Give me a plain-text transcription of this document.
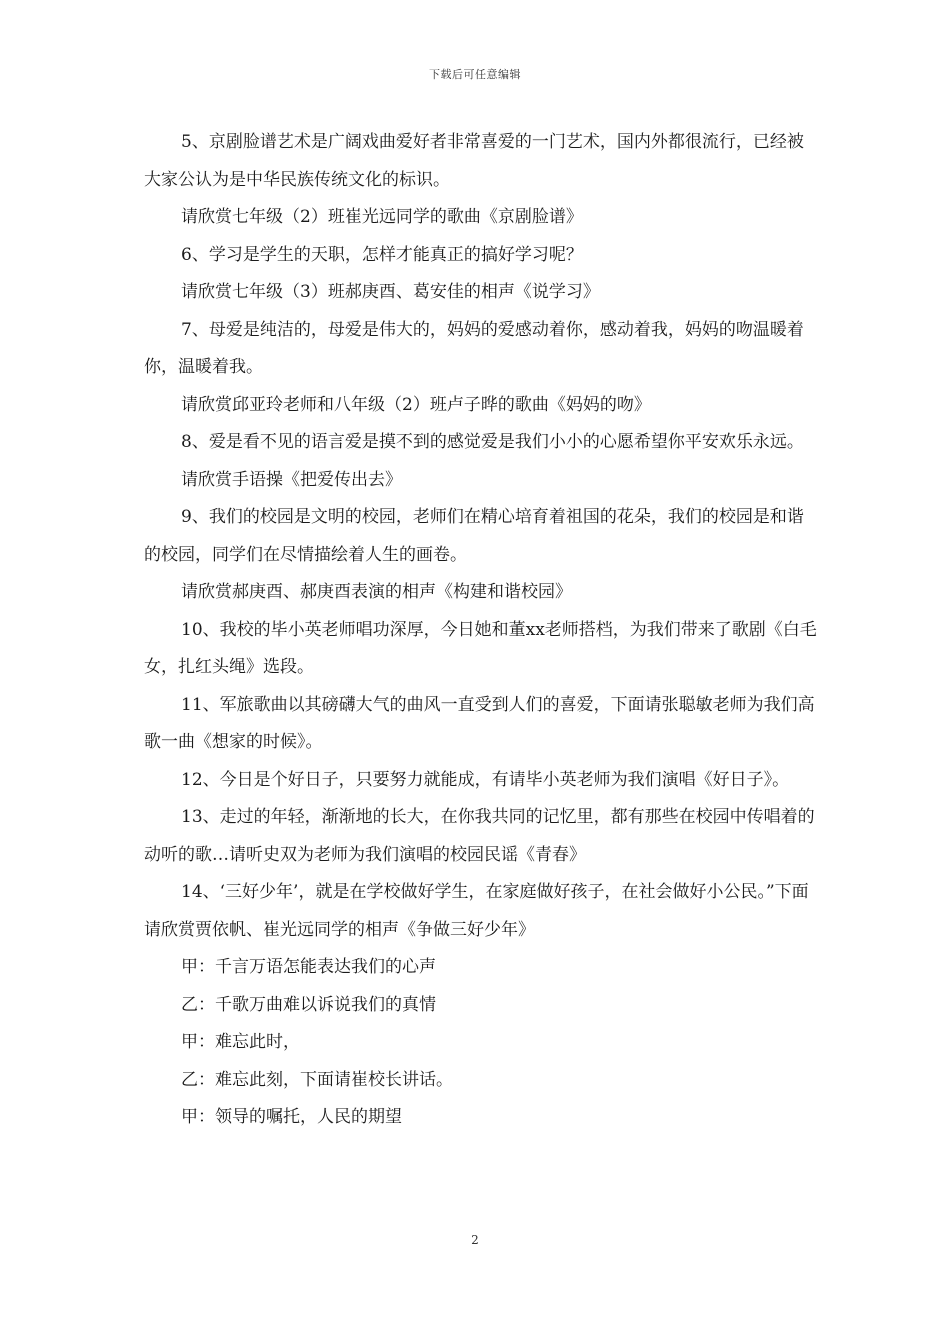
下载后可任意编辑

5、京剧脸谱艺术是广阔戏曲爱好者非常喜爱的一门艺术，国内外都很流行，已经被大家公认为是中华民族传统文化的标识。

请欣赏七年级（2）班崔光远同学的歌曲《京剧脸谱》

6、学习是学生的天职，怎样才能真正的搞好学习呢？

请欣赏七年级（3）班郝庚酉、葛安佳的相声《说学习》

7、母爱是纯洁的，母爱是伟大的，妈妈的爱感动着你，感动着我，妈妈的吻温暖着你，温暖着我。

请欣赏邱亚玲老师和八年级（2）班卢子晔的歌曲《妈妈的吻》

8、爱是看不见的语言爱是摸不到的感觉爱是我们小小的心愿希望你平安欢乐永远。

请欣赏手语操《把爱传出去》

9、我们的校园是文明的校园，老师们在精心培育着祖国的花朵，我们的校园是和谐的校园，同学们在尽情描绘着人生的画卷。

请欣赏郝庚酉、郝庚酉表演的相声《构建和谐校园》

10、我校的毕小英老师唱功深厚，今日她和董xx老师搭档，为我们带来了歌剧《白毛女，扎红头绳》选段。

11、军旅歌曲以其磅礴大气的曲风一直受到人们的喜爱，下面请张聪敏老师为我们高歌一曲《想家的时候》。

12、今日是个好日子，只要努力就能成，有请毕小英老师为我们演唱《好日子》。

13、走过的年轻，渐渐地的长大，在你我共同的记忆里，都有那些在校园中传唱着的动听的歌…请听史双为老师为我们演唱的校园民谣《青春》

14、‘三好少年’，就是在学校做好学生，在家庭做好孩子，在社会做好小公民。”下面请欣赏贾依帆、崔光远同学的相声《争做三好少年》

甲：千言万语怎能表达我们的心声

乙：千歌万曲难以诉说我们的真情

甲：难忘此时，

乙：难忘此刻，下面请崔校长讲话。

甲：领导的嘱托，人民的期望

2
